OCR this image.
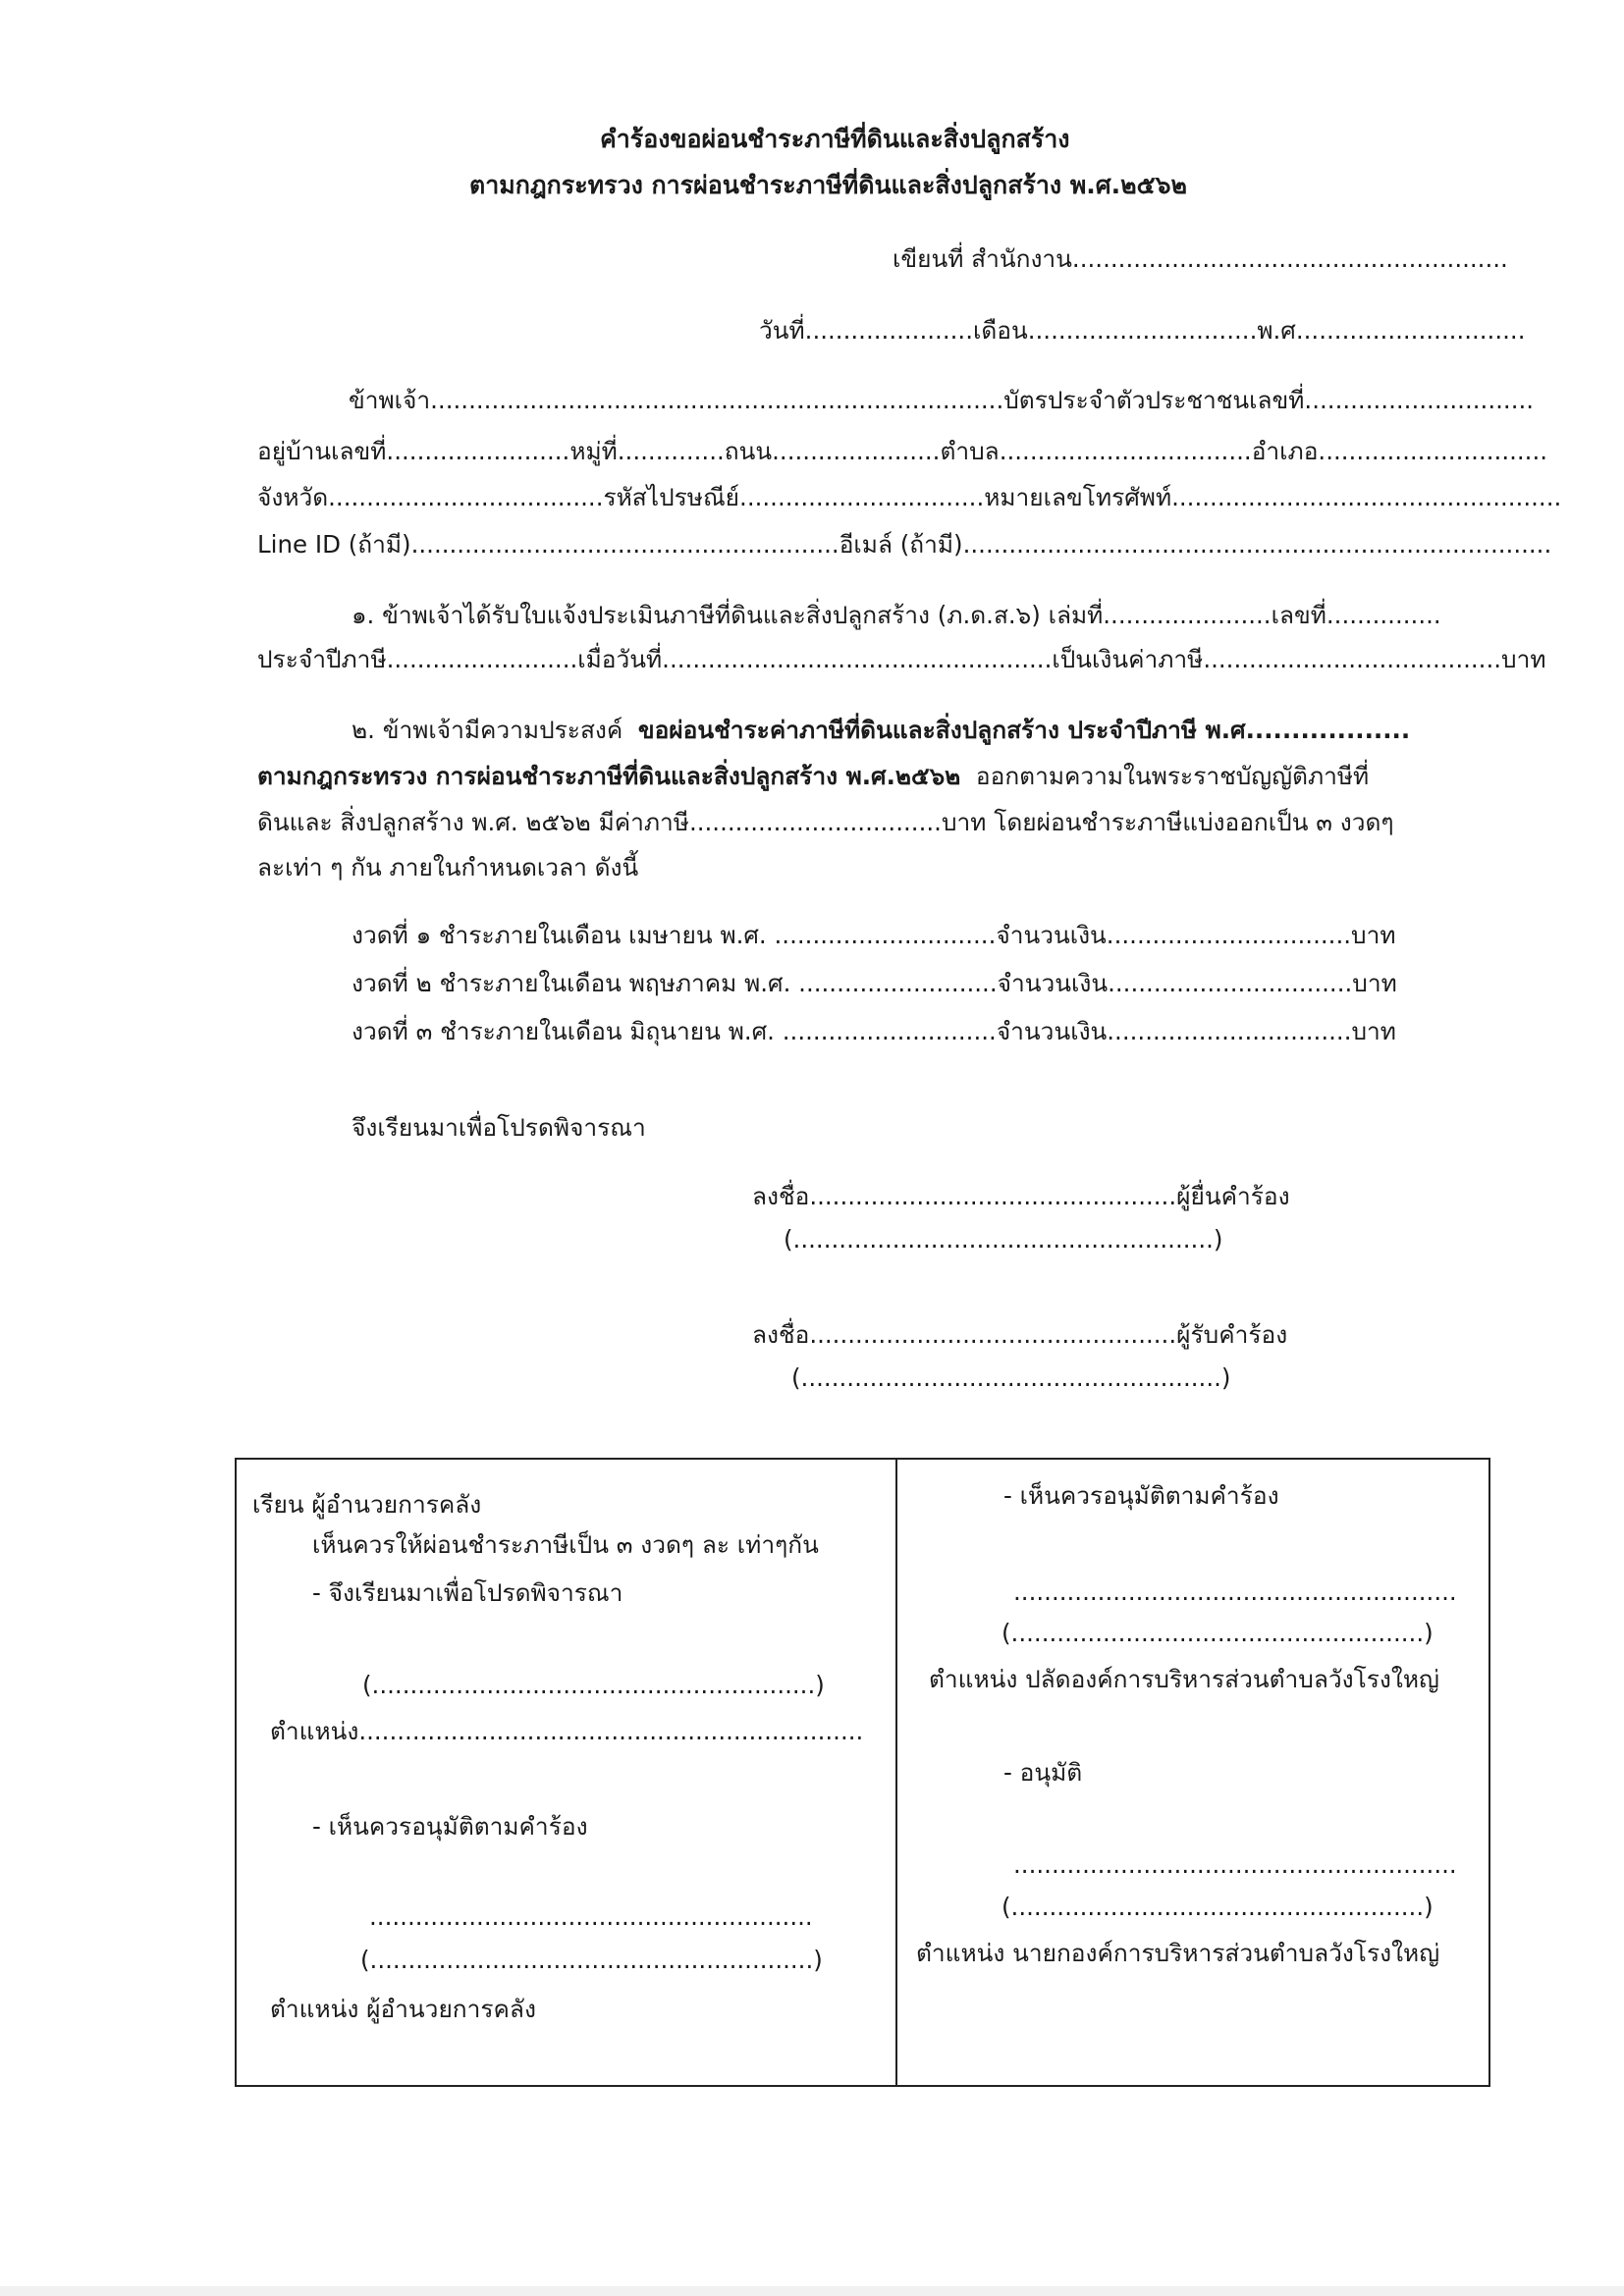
คำร้องขอผ่อนชำระภาษีที่ดินและสิ่งปลูกสร้าง
ตามกฎกระทรวง การผ่อนชำระภาษีที่ดินและสิ่งปลูกสร้าง พ.ศ.๒๕๖๒
เขียนที่ สำนักงาน.........................................................
วันที่......................เดือน..............................พ.ศ..............................
ข้าพเจ้า...........................................................................บัตรประจำตัวประชาชนเลขที่..............................
อยู่บ้านเลขที่........................หมู่ที่..............ถนน......................ตำบล.................................อำเภอ..............................
จังหวัด....................................รหัสไปรษณีย์................................หมายเลขโทรศัพท์...................................................
Line ID (ถ้ามี)........................................................อีเมล์ (ถ้ามี).............................................................................
๑. ข้าพเจ้าได้รับใบแจ้งประเมินภาษีที่ดินและสิ่งปลูกสร้าง (ภ.ด.ส.๖) เล่มที่......................เลขที่...............
ประจำปีภาษี.........................เมื่อวันที่...................................................เป็นเงินค่าภาษี.......................................บาท
๒. ข้าพเจ้ามีความประสงค์ ขอผ่อนชำระค่าภาษีที่ดินและสิ่งปลูกสร้าง ประจำปีภาษี พ.ศ..................
ตามกฎกระทรวง การผ่อนชำระภาษีที่ดินและสิ่งปลูกสร้าง พ.ศ.๒๕๖๒ ออกตามความในพระราชบัญญัติภาษีที่
ดินและ สิ่งปลูกสร้าง พ.ศ. ๒๕๖๒ มีค่าภาษี.................................บาท โดยผ่อนชำระภาษีแบ่งออกเป็น ๓ งวดๆ
ละเท่า ๆ กัน ภายในกำหนดเวลา ดังนี้
งวดที่ ๑ ชำระภายในเดือน เมษายน พ.ศ. .............................จำนวนเงิน................................บาท
งวดที่ ๒ ชำระภายในเดือน พฤษภาคม พ.ศ. ..........................จำนวนเงิน................................บาท
งวดที่ ๓ ชำระภายในเดือน มิถุนายน พ.ศ. ............................จำนวนเงิน................................บาท
จึงเรียนมาเพื่อโปรดพิจารณา
ลงชื่อ................................................ผู้ยื่นคำร้อง
(.......................................................)
ลงชื่อ................................................ผู้รับคำร้อง
(.......................................................)
เรียน ผู้อำนวยการคลัง
เห็นควรให้ผ่อนชำระภาษีเป็น ๓ งวดๆ ละ เท่าๆกัน
- จึงเรียนมาเพื่อโปรดพิจารณา
(..........................................................)
ตำแหน่ง..................................................................
- เห็นควรอนุมัติตามคำร้อง
..........................................................
(..........................................................)
ตำแหน่ง ผู้อำนวยการคลัง
- เห็นควรอนุมัติตามคำร้อง
..........................................................
(......................................................)
ตำแหน่ง ปลัดองค์การบริหารส่วนตำบลวังโรงใหญ่
- อนุมัติ
..........................................................
(......................................................)
ตำแหน่ง นายกองค์การบริหารส่วนตำบลวังโรงใหญ่
